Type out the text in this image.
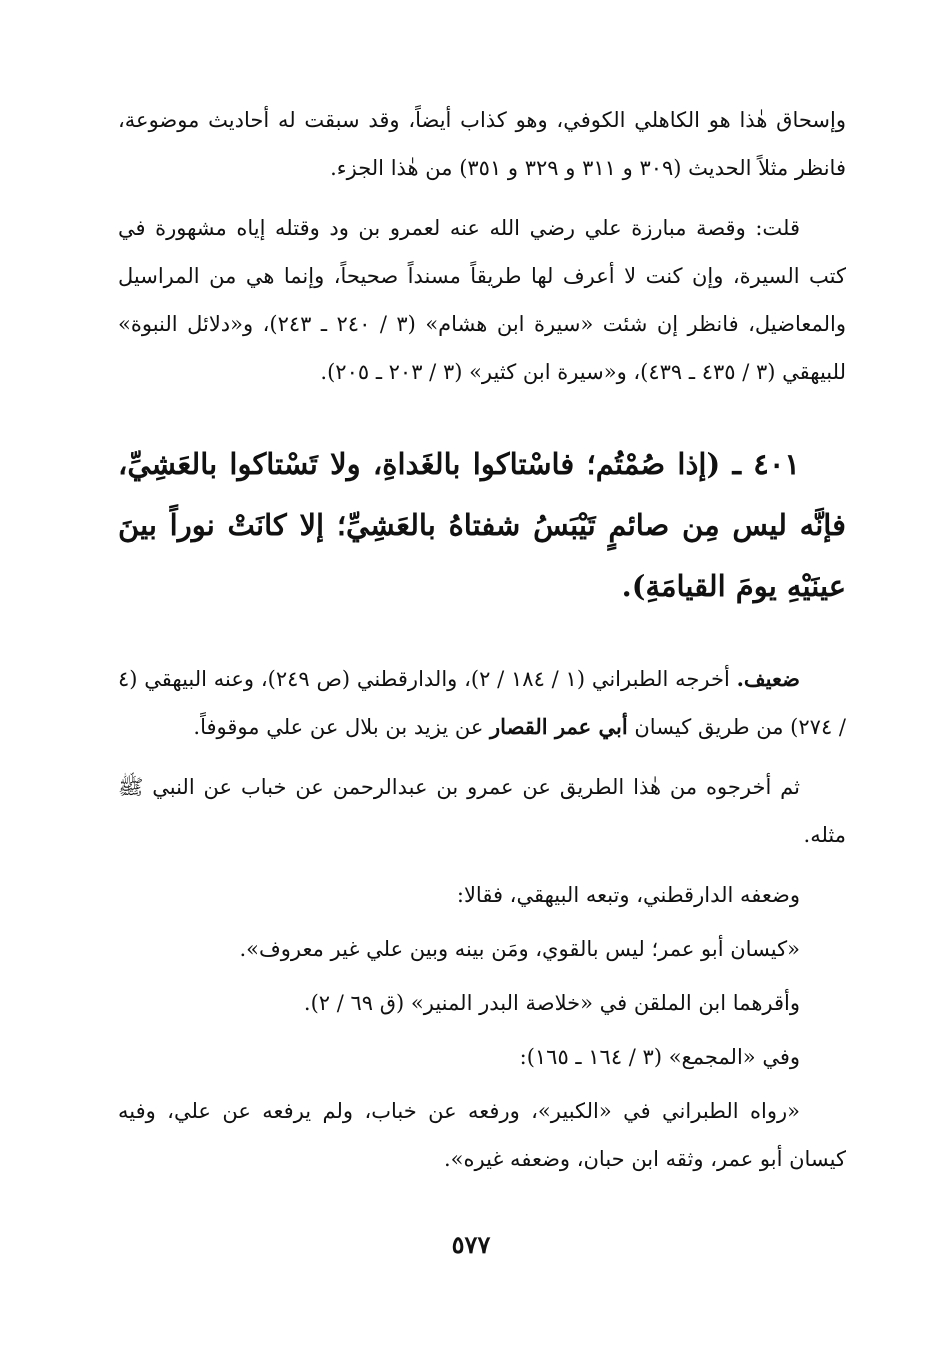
وإسحاق هٰذا هو الكاهلي الكوفي، وهو كذاب أيضاً، وقد سبقت له أحاديث موضوعة، فانظر مثلاً الحديث (٣٠٩ و ٣١١ و ٣٢٩ و ٣٥١) من هٰذا الجزء.

قلت: وقصة مبارزة علي رضي الله عنه لعمرو بن ود وقتله إياه مشهورة في كتب السيرة، وإن كنت لا أعرف لها طريقاً مسنداً صحيحاً، وإنما هي من المراسيل والمعاضيل، فانظر إن شئت «سيرة ابن هشام» (٣ / ٢٤٠ ـ ٢٤٣)، و«دلائل النبوة» للبيهقي (٣ / ٤٣٥ ـ ٤٣٩)، و«سيرة ابن كثير» (٣ / ٢٠٣ ـ ٢٠٥).

٤٠١ ـ (إذا صُمْتُم؛ فاسْتاكوا بالغَداةِ، ولا تَسْتاكوا بالعَشِيِّ، فإنَّه ليس مِن صائمٍ تَيْبَسُ شفتاهُ بالعَشِيِّ؛ إلا كانَتْ نوراً بينَ عينَيْهِ يومَ القيامَةِ).

ضعيف. أخرجه الطبراني (١ / ١٨٤ / ٢)، والدارقطني (ص ٢٤٩)، وعنه البيهقي (٤ / ٢٧٤) من طريق كيسان أبي عمر القصار عن يزيد بن بلال عن علي موقوفاً.

ثم أخرجوه من هٰذا الطريق عن عمرو بن عبدالرحمن عن خباب عن النبي ﷺ مثله.

وضعفه الدارقطني، وتبعه البيهقي، فقالا:

«كيسان أبو عمر؛ ليس بالقوي، ومَن بينه وبين علي غير معروف».

وأقرهما ابن الملقن في «خلاصة البدر المنير» (ق ٦٩ / ٢).

وفي «المجمع» (٣ / ١٦٤ ـ ١٦٥):

«رواه الطبراني في «الكبير»، ورفعه عن خباب، ولم يرفعه عن علي، وفيه كيسان أبو عمر، وثقه ابن حبان، وضعفه غيره».

٥٧٧
